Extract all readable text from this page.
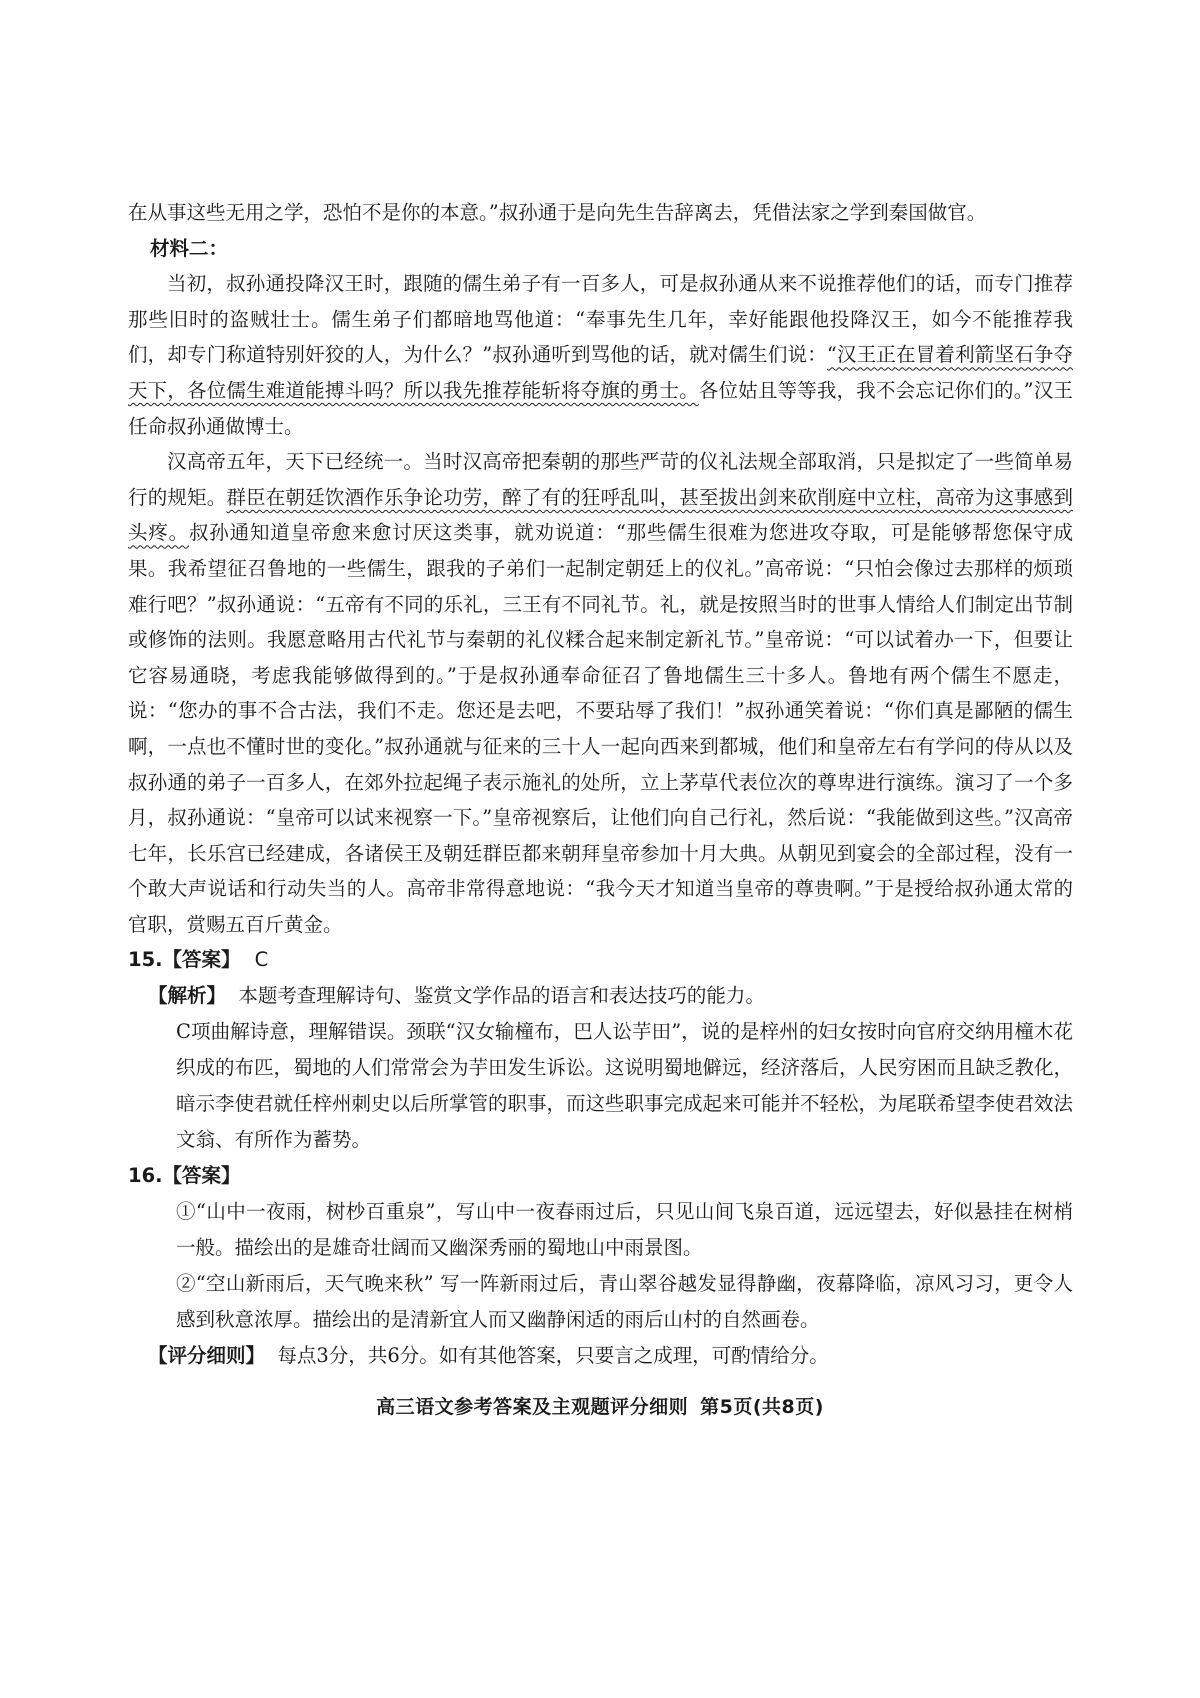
在从事这些无用之学，恐怕不是你的本意。”叔孙通于是向先生告辞离去，凭借法家之学到秦国做官。

材料二：

当初，叔孙通投降汉王时，跟随的儒生弟子有一百多人，可是叔孙通从来不说推荐他们的话，而专门推荐那些旧时的盗贼壮士。儒生弟子们都暗地骂他道：“奉事先生几年，幸好能跟他投降汉王，如今不能推荐我们，却专门称道特别奸狡的人，为什么？”叔孙通听到骂他的话，就对儒生们说：“汉王正在冒着利箭坚石争夺天下，各位儒生难道能搏斗吗？所以我先推荐能斩将夺旗的勇士。各位姑且等等我，我不会忘记你们的。”汉王任命叔孙通做博士。

汉高帝五年，天下已经统一。当时汉高帝把秦朝的那些严苛的仪礼法规全部取消，只是拟定了一些简单易行的规矩。群臣在朝廷饮酒作乐争论功劳，醉了有的狂呼乱叫，甚至拔出剑来砍削庭中立柱，高帝为这事感到头疼。叔孙通知道皇帝愈来愈讨厌这类事，就劝说道：“那些儒生很难为您进攻夺取，可是能够帮您保守成果。我希望征召鲁地的一些儒生，跟我的子弟们一起制定朝廷上的仪礼。”高帝说：“只怕会像过去那样的烦琐难行吧？”叔孙通说：“五帝有不同的乐礼，三王有不同礼节。礼，就是按照当时的世事人情给人们制定出节制或修饰的法则。我愿意略用古代礼节与秦朝的礼仪糅合起来制定新礼节。”皇帝说：“可以试着办一下，但要让它容易通晓，考虑我能够做得到的。”于是叔孙通奉命征召了鲁地儒生三十多人。鲁地有两个儒生不愿走，说：“您办的事不合古法，我们不走。您还是去吧，不要玷辱了我们！”叔孙通笑着说：“你们真是鄙陋的儒生啊，一点也不懂时世的变化。”叔孙通就与征来的三十人一起向西来到都城，他们和皇帝左右有学问的侍从以及叔孙通的弟子一百多人，在郊外拉起绳子表示施礼的处所，立上茅草代表位次的尊卑进行演练。演习了一个多月，叔孙通说：“皇帝可以试来视察一下。”皇帝视察后，让他们向自己行礼，然后说：“我能做到这些。”汉高帝七年，长乐宫已经建成，各诸侯王及朝廷群臣都来朝拜皇帝参加十月大典。从朝见到宴会的全部过程，没有一个敢大声说话和行动失当的人。高帝非常得意地说：“我今天才知道当皇帝的尊贵啊。”于是授给叔孙通太常的官职，赏赐五百斤黄金。

15.【答案】 C

【解析】 本题考查理解诗句、鉴赏文学作品的语言和表达技巧的能力。

C项曲解诗意，理解错误。颈联“汉女输橦布，巴人讼芋田”，说的是梓州的妇女按时向官府交纳用橦木花织成的布匹，蜀地的人们常常会为芋田发生诉讼。这说明蜀地僻远，经济落后，人民穷困而且缺乏教化，暗示李使君就任梓州刺史以后所掌管的职事，而这些职事完成起来可能并不轻松，为尾联希望李使君效法文翁、有所作为蓄势。

16.【答案】

①“山中一夜雨，树杪百重泉”，写山中一夜春雨过后，只见山间飞泉百道，远远望去，好似悬挂在树梢一般。描绘出的是雄奇壮阔而又幽深秀丽的蜀地山中雨景图。

②“空山新雨后，天气晚来秋” 写一阵新雨过后，青山翠谷越发显得静幽，夜幕降临，凉风习习，更令人感到秋意浓厚。描绘出的是清新宜人而又幽静闲适的雨后山村的自然画卷。

【评分细则】 每点3分，共6分。如有其他答案，只要言之成理，可酌情给分。

高三语文参考答案及主观题评分细则 第5页(共8页)
